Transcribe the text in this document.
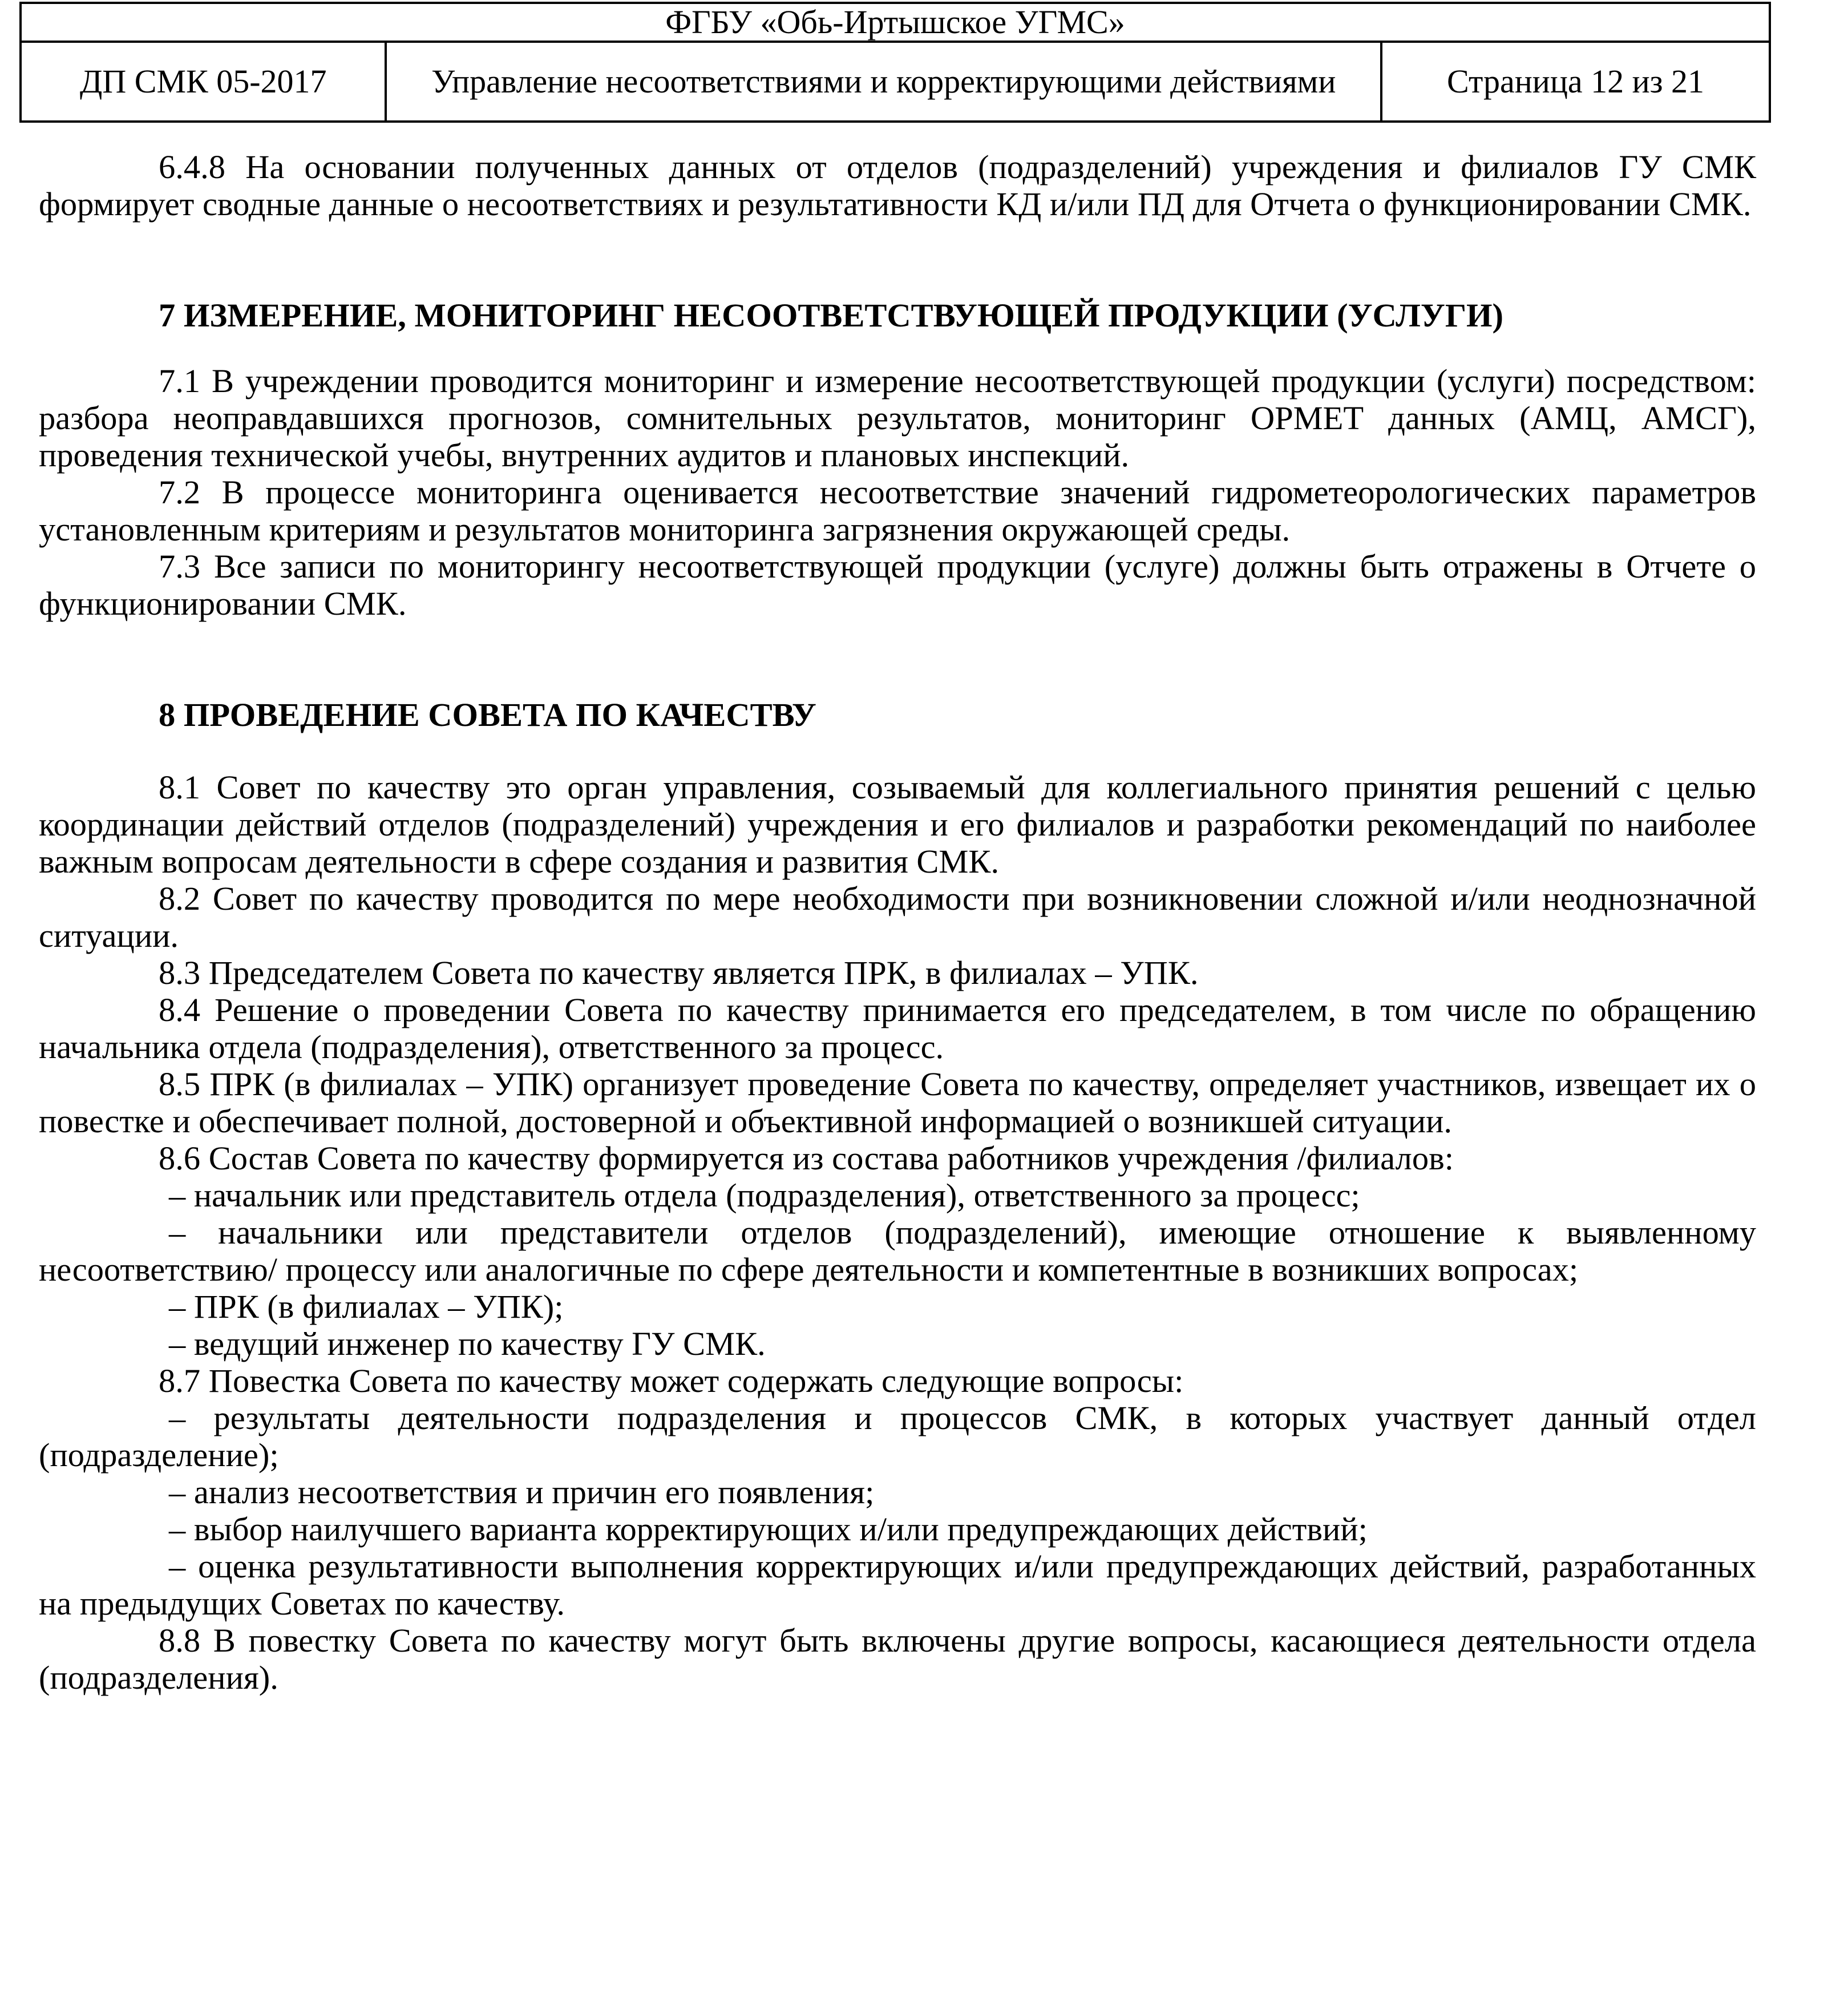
ФГБУ «Обь-Иртышское УГМС»
ДП СМК 05-2017	Управление несоответствиями и корректирующими действиями	Страница 12 из 21

6.4.8 На основании полученных данных от отделов (подразделений) учреждения и филиалов ГУ СМК формирует сводные данные о несоответствиях и результативности КД и/или ПД для Отчета о функционировании СМК.

7 ИЗМЕРЕНИЕ, МОНИТОРИНГ НЕСООТВЕТСТВУЮЩЕЙ ПРОДУКЦИИ (УСЛУГИ)

7.1 В учреждении проводится мониторинг и измерение несоответствующей продукции (услуги) посредством: разбора неоправдавшихся прогнозов, сомнительных результатов, мониторинг ОРМЕТ данных (АМЦ, АМСГ), проведения технической учебы, внутренних аудитов и плановых инспекций.

7.2 В процессе мониторинга оценивается несоответствие значений гидрометеорологических параметров установленным критериям и результатов мониторинга загрязнения окружающей среды.

7.3 Все записи по мониторингу несоответствующей продукции (услуге) должны быть отражены в Отчете о функционировании СМК.

8 ПРОВЕДЕНИЕ СОВЕТА ПО КАЧЕСТВУ

8.1 Совет по качеству это орган управления, созываемый для коллегиального принятия решений с целью координации действий отделов (подразделений) учреждения и его филиалов и разработки рекомендаций по наиболее важным вопросам деятельности в сфере создания и развития СМК.

8.2 Совет по качеству проводится по мере необходимости при возникновении сложной и/или неоднозначной ситуации.

8.3 Председателем Совета по качеству является ПРК, в филиалах – УПК.

8.4 Решение о проведении Совета по качеству принимается его председателем, в том числе по обращению начальника отдела (подразделения), ответственного за процесс.

8.5 ПРК (в филиалах – УПК) организует проведение Совета по качеству, определяет участников, извещает их о повестке и обеспечивает полной, достоверной и объективной информацией о возникшей ситуации.

8.6 Состав Совета по качеству формируется из состава работников учреждения /филиалов:

– начальник или представитель отдела (подразделения), ответственного за процесс;

– начальники или представители отделов (подразделений), имеющие отношение к выявленному несоответствию/ процессу или аналогичные по сфере деятельности и компетентные в возникших вопросах;

– ПРК (в филиалах – УПК);

– ведущий инженер по качеству ГУ СМК.

8.7 Повестка Совета по качеству может содержать следующие вопросы:

– результаты деятельности подразделения и процессов СМК, в которых участвует данный отдел (подразделение);

– анализ несоответствия и причин его появления;

– выбор наилучшего варианта корректирующих и/или предупреждающих действий;

– оценка результативности выполнения корректирующих и/или предупреждающих действий, разработанных на предыдущих Советах по качеству.

8.8 В повестку Совета по качеству могут быть включены другие вопросы, касающиеся деятельности отдела (подразделения).
